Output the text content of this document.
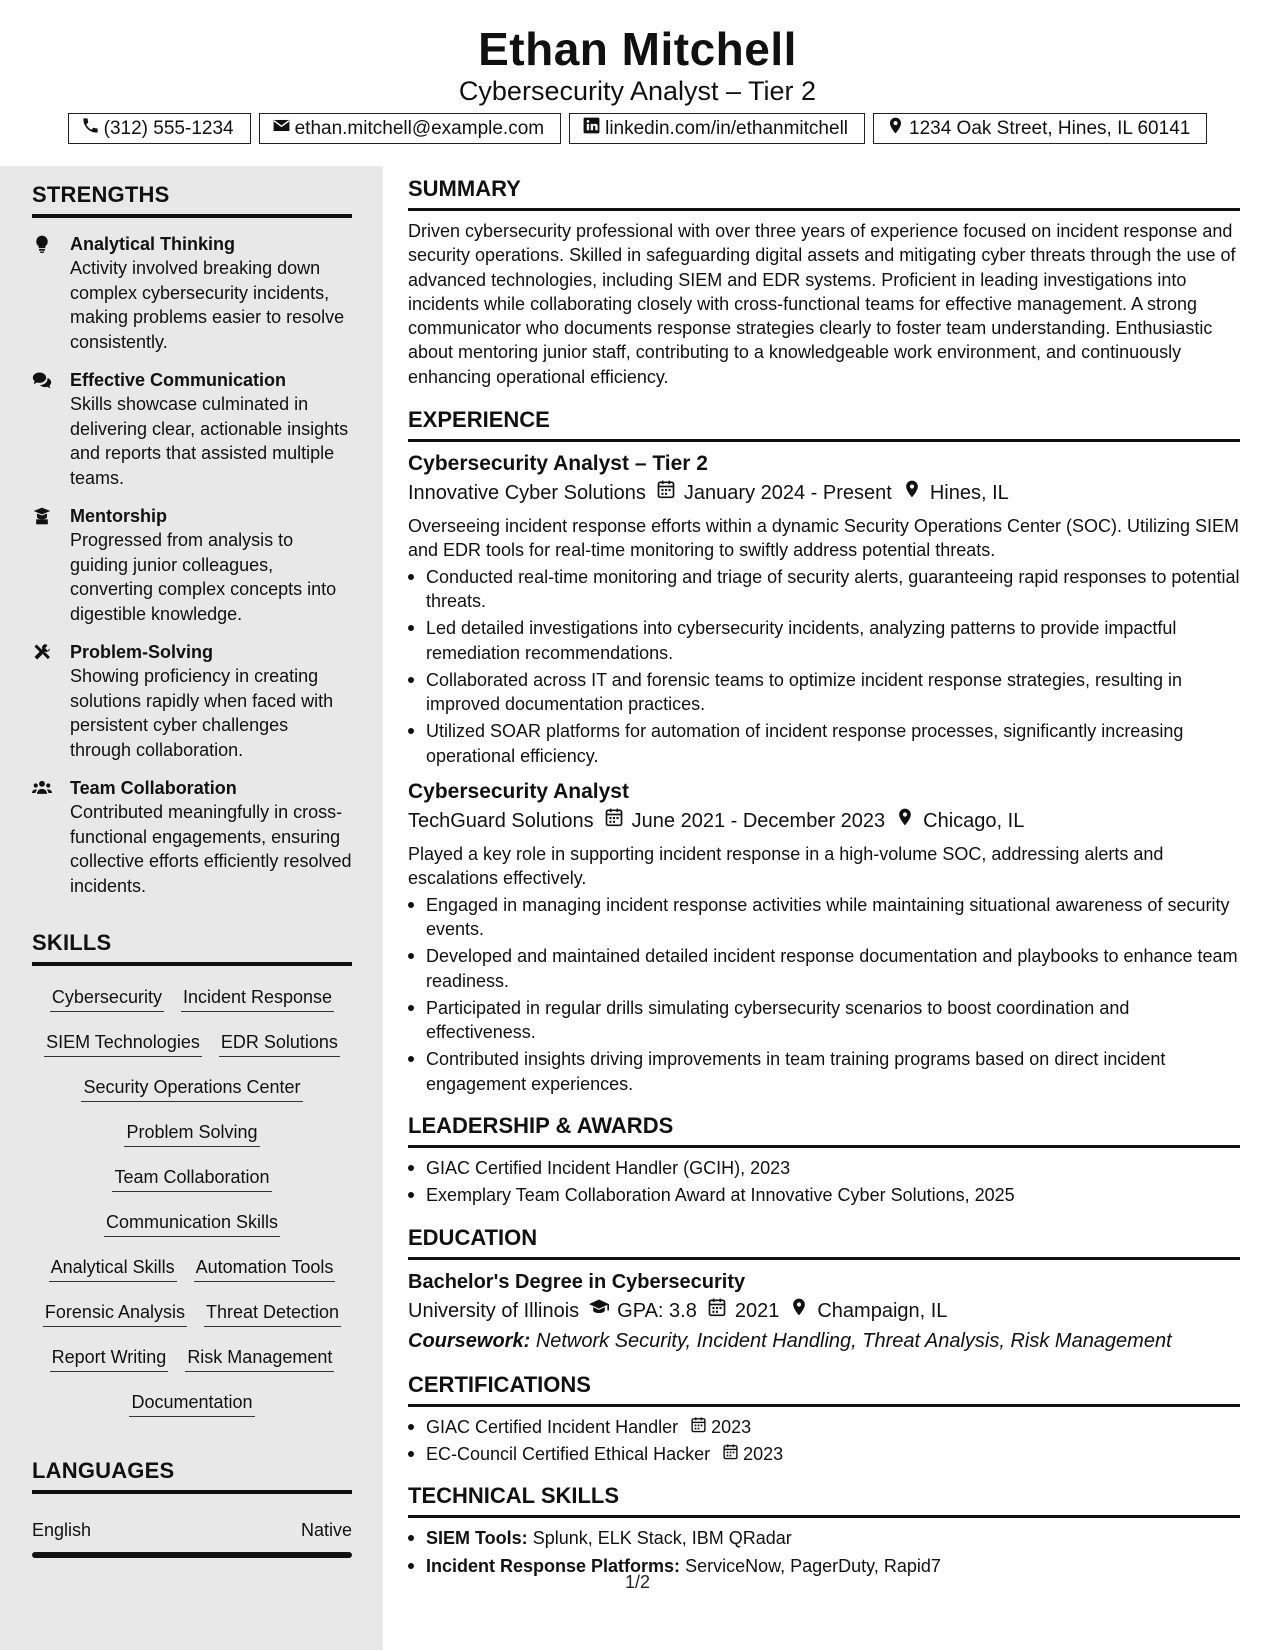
Ethan Mitchell
Cybersecurity Analyst – Tier 2
(312) 555-1234	ethan.mitchell@example.com	linkedin.com/in/ethanmitchell	1234 Oak Street, Hines, IL 60141
STRENGTHS
Analytical Thinking
Activity involved breaking down complex cybersecurity incidents, making problems easier to resolve consistently.
Effective Communication
Skills showcase culminated in delivering clear, actionable insights and reports that assisted multiple teams.
Mentorship
Progressed from analysis to guiding junior colleagues, converting complex concepts into digestible knowledge.
Problem-Solving
Showing proficiency in creating solutions rapidly when faced with persistent cyber challenges through collaboration.
Team Collaboration
Contributed meaningfully in cross-functional engagements, ensuring collective efforts efficiently resolved incidents.
SKILLS
Cybersecurity Incident Response
SIEM Technologies EDR Solutions
Security Operations Center
Problem Solving
Team Collaboration
Communication Skills
Analytical Skills Automation Tools
Forensic Analysis Threat Detection
Report Writing Risk Management
Documentation
LANGUAGES
English	Native
SUMMARY
Driven cybersecurity professional with over three years of experience focused on incident response and security operations. Skilled in safeguarding digital assets and mitigating cyber threats through the use of advanced technologies, including SIEM and EDR systems. Proficient in leading investigations into incidents while collaborating closely with cross-functional teams for effective management. A strong communicator who documents response strategies clearly to foster team understanding. Enthusiastic about mentoring junior staff, contributing to a knowledgeable work environment, and continuously enhancing operational efficiency.
EXPERIENCE
Cybersecurity Analyst – Tier 2
Innovative Cyber Solutions January 2024 - Present Hines, IL
Overseeing incident response efforts within a dynamic Security Operations Center (SOC). Utilizing SIEM and EDR tools for real-time monitoring to swiftly address potential threats.
Conducted real-time monitoring and triage of security alerts, guaranteeing rapid responses to potential threats.
Led detailed investigations into cybersecurity incidents, analyzing patterns to provide impactful remediation recommendations.
Collaborated across IT and forensic teams to optimize incident response strategies, resulting in improved documentation practices.
Utilized SOAR platforms for automation of incident response processes, significantly increasing operational efficiency.
Cybersecurity Analyst
TechGuard Solutions June 2021 - December 2023 Chicago, IL
Played a key role in supporting incident response in a high-volume SOC, addressing alerts and escalations effectively.
Engaged in managing incident response activities while maintaining situational awareness of security events.
Developed and maintained detailed incident response documentation and playbooks to enhance team readiness.
Participated in regular drills simulating cybersecurity scenarios to boost coordination and effectiveness.
Contributed insights driving improvements in team training programs based on direct incident engagement experiences.
LEADERSHIP & AWARDS
GIAC Certified Incident Handler (GCIH), 2023
Exemplary Team Collaboration Award at Innovative Cyber Solutions, 2025
EDUCATION
Bachelor's Degree in Cybersecurity
University of Illinois GPA: 3.8 2021 Champaign, IL
Coursework: Network Security, Incident Handling, Threat Analysis, Risk Management
CERTIFICATIONS
GIAC Certified Incident Handler 2023
EC-Council Certified Ethical Hacker 2023
TECHNICAL SKILLS
SIEM Tools: Splunk, ELK Stack, IBM QRadar
Incident Response Platforms: ServiceNow, PagerDuty, Rapid7
1/2
